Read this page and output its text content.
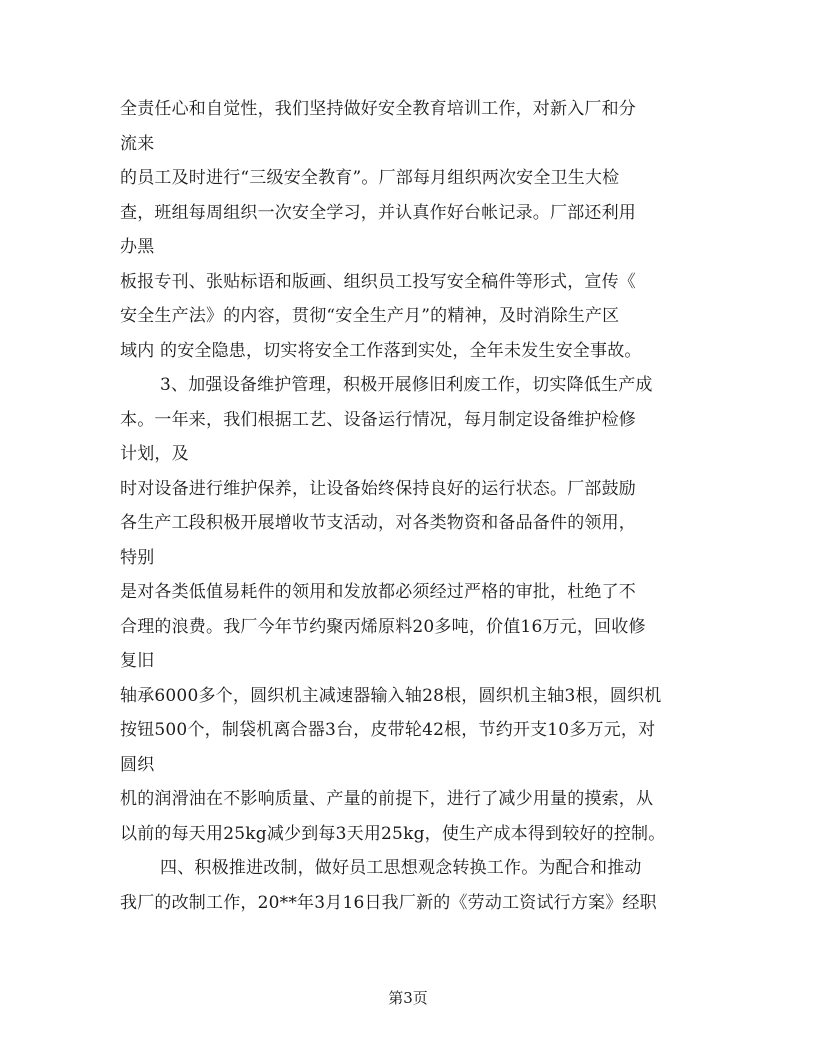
全责任心和自觉性，我们坚持做好安全教育培训工作，对新入厂和分
流来
的员工及时进行“三级安全教育”。厂部每月组织两次安全卫生大检
查，班组每周组织一次安全学习，并认真作好台帐记录。厂部还利用
办黑
板报专刊、张贴标语和版画、组织员工投写安全稿件等形式，宣传《
安全生产法》的内容，贯彻“安全生产月”的精神，及时消除生产区
域内 的安全隐患，切实将安全工作落到实处，全年未发生安全事故。
3、加强设备维护管理，积极开展修旧利废工作，切实降低生产成
本。一年来，我们根据工艺、设备运行情况，每月制定设备维护检修
计划，及
时对设备进行维护保养，让设备始终保持良好的运行状态。厂部鼓励
各生产工段积极开展增收节支活动，对各类物资和备品备件的领用，
特别
是对各类低值易耗件的领用和发放都必须经过严格的审批，杜绝了不
合理的浪费。我厂今年节约聚丙烯原料20多吨，价值16万元，回收修
复旧
轴承6000多个，圆织机主减速器输入轴28根，圆织机主轴3根，圆织机
按钮500个，制袋机离合器3台，皮带轮42根，节约开支10多万元，对
圆织
机的润滑油在不影响质量、产量的前提下，进行了减少用量的摸索，从
以前的每天用25kg减少到每3天用25kg，使生产成本得到较好的控制。
四、积极推进改制，做好员工思想观念转换工作。为配合和推动
我厂的改制工作，20**年3月16日我厂新的《劳动工资试行方案》经职
第3页
